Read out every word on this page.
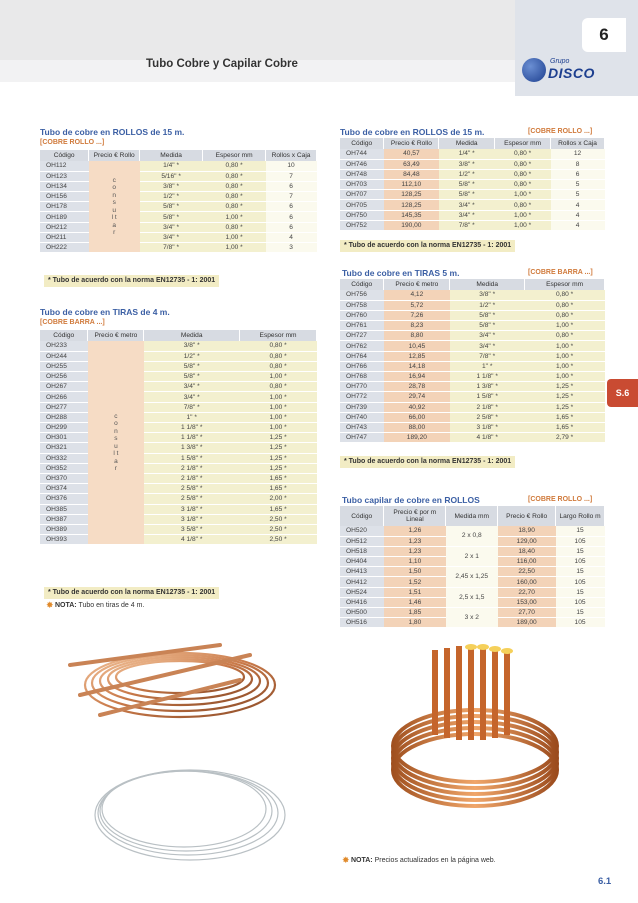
6
Tubo Cobre y Capilar Cobre	Grupo
DISCO
S.6
6.1
Tubo de cobre en ROLLOS de 15 m.
[COBRE ROLLO ...]
Código	Precio € Rollo	Medida	Espesor mm	Rollos x Caja
OH112	c o n s u l t a r	1/4" *	0,80 *	10
OH123		5/16" *	0,80 *	7
OH134		3/8" *	0,80 *	6
OH156		1/2" *	0,80 *	7
OH178		5/8" *	0,80 *	6
OH189		5/8" *	1,00 *	6
OH212		3/4" *	0,80 *	6
OH211		3/4" *	1,00 *	4
OH222		7/8" *	1,00 *	3
* Tubo de acuerdo con la norma EN12735 - 1: 2001
Tubo de cobre en TIRAS de 4 m.
[COBRE BARRA ...]
Código	Precio € metro	Medida	Espesor mm
OH233	c o n s u l t a r	3/8" *	0,80 *
OH244		1/2" *	0,80 *
OH255		5/8" *	0,80 *
OH256		5/8" *	1,00 *
OH267		3/4" *	0,80 *
OH266		3/4" *	1,00 *
OH277		7/8" *	1,00 *
OH288		1" *	1,00 *
OH299		1 1/8" *	1,00 *
OH301		1 1/8" *	1,25 *
OH321		1 3/8" *	1,25 *
OH332		1 5/8" *	1,25 *
OH352		2 1/8" *	1,25 *
OH370		2 1/8" *	1,65 *
OH374		2 5/8" *	1,65 *
OH376		2 5/8" *	2,00 *
OH385		3 1/8" *	1,65 *
OH387		3 1/8" *	2,50 *
OH389		3 5/8" *	2,50 *
OH393		4 1/8" *	2,50 *
* Tubo de acuerdo con la norma EN12735 - 1: 2001
✸NOTA: Tubo en tiras de 4 m.
Tubo de cobre en ROLLOS de 15 m.	[COBRE ROLLO ...]
Código	Precio € Rollo	Medida	Espesor mm	Rollos x Caja
OH744	40,57	1/4" *	0,80 *	12
OH746	63,49	3/8" *	0,80 *	8
OH748	84,48	1/2" *	0,80 *	6
OH703	112,10	5/8" *	0,80 *	5
OH707	128,25	5/8" *	1,00 *	5
OH705	128,25	3/4" *	0,80 *	4
OH750	145,35	3/4" *	1,00 *	4
OH752	190,00	7/8" *	1,00 *	4
* Tubo de acuerdo con la norma EN12735 - 1: 2001
Tubo de cobre en TIRAS 5 m.	[COBRE BARRA ...]
Código	Precio € metro	Medida	Espesor mm
OH756	4,12	3/8" *	0,80 *
OH758	5,72	1/2" *	0,80 *
OH760	7,26	5/8" *	0,80 *
OH761	8,23	5/8" *	1,00 *
OH727	8,80	3/4" *	0,80 *
OH762	10,45	3/4" *	1,00 *
OH764	12,85	7/8" *	1,00 *
OH766	14,18	1" *	1,00 *
OH768	16,94	1 1/8" *	1,00 *
OH770	28,78	1 3/8" *	1,25 *
OH772	29,74	1 5/8" *	1,25 *
OH739	40,92	2 1/8" *	1,25 *
OH740	66,00	2 5/8" *	1,65 *
OH743	88,00	3 1/8" *	1,65 *
OH747	189,20	4 1/8" *	2,79 *
* Tubo de acuerdo con la norma EN12735 - 1: 2001
Tubo capilar de cobre en ROLLOS	[COBRE ROLLO ...]
Código	Precio € por m Lineal	Medida mm	Precio € Rollo	Largo Rollo m
OH520	1,26	2 x 0,8	18,90	15
OH512	1,23		129,00	105
OH518	1,23	2 x 1	18,40	15
OH404	1,10		116,00	105
OH413	1,50	2,45 x 1,25	22,50	15
OH412	1,52		160,00	105
OH524	1,51	2,5 x 1,5	22,70	15
OH416	1,46		153,00	105
OH500	1,85	3 x 2	27,70	15
OH516	1,80		189,00	105
✸NOTA: Precios actualizados en la página web.
